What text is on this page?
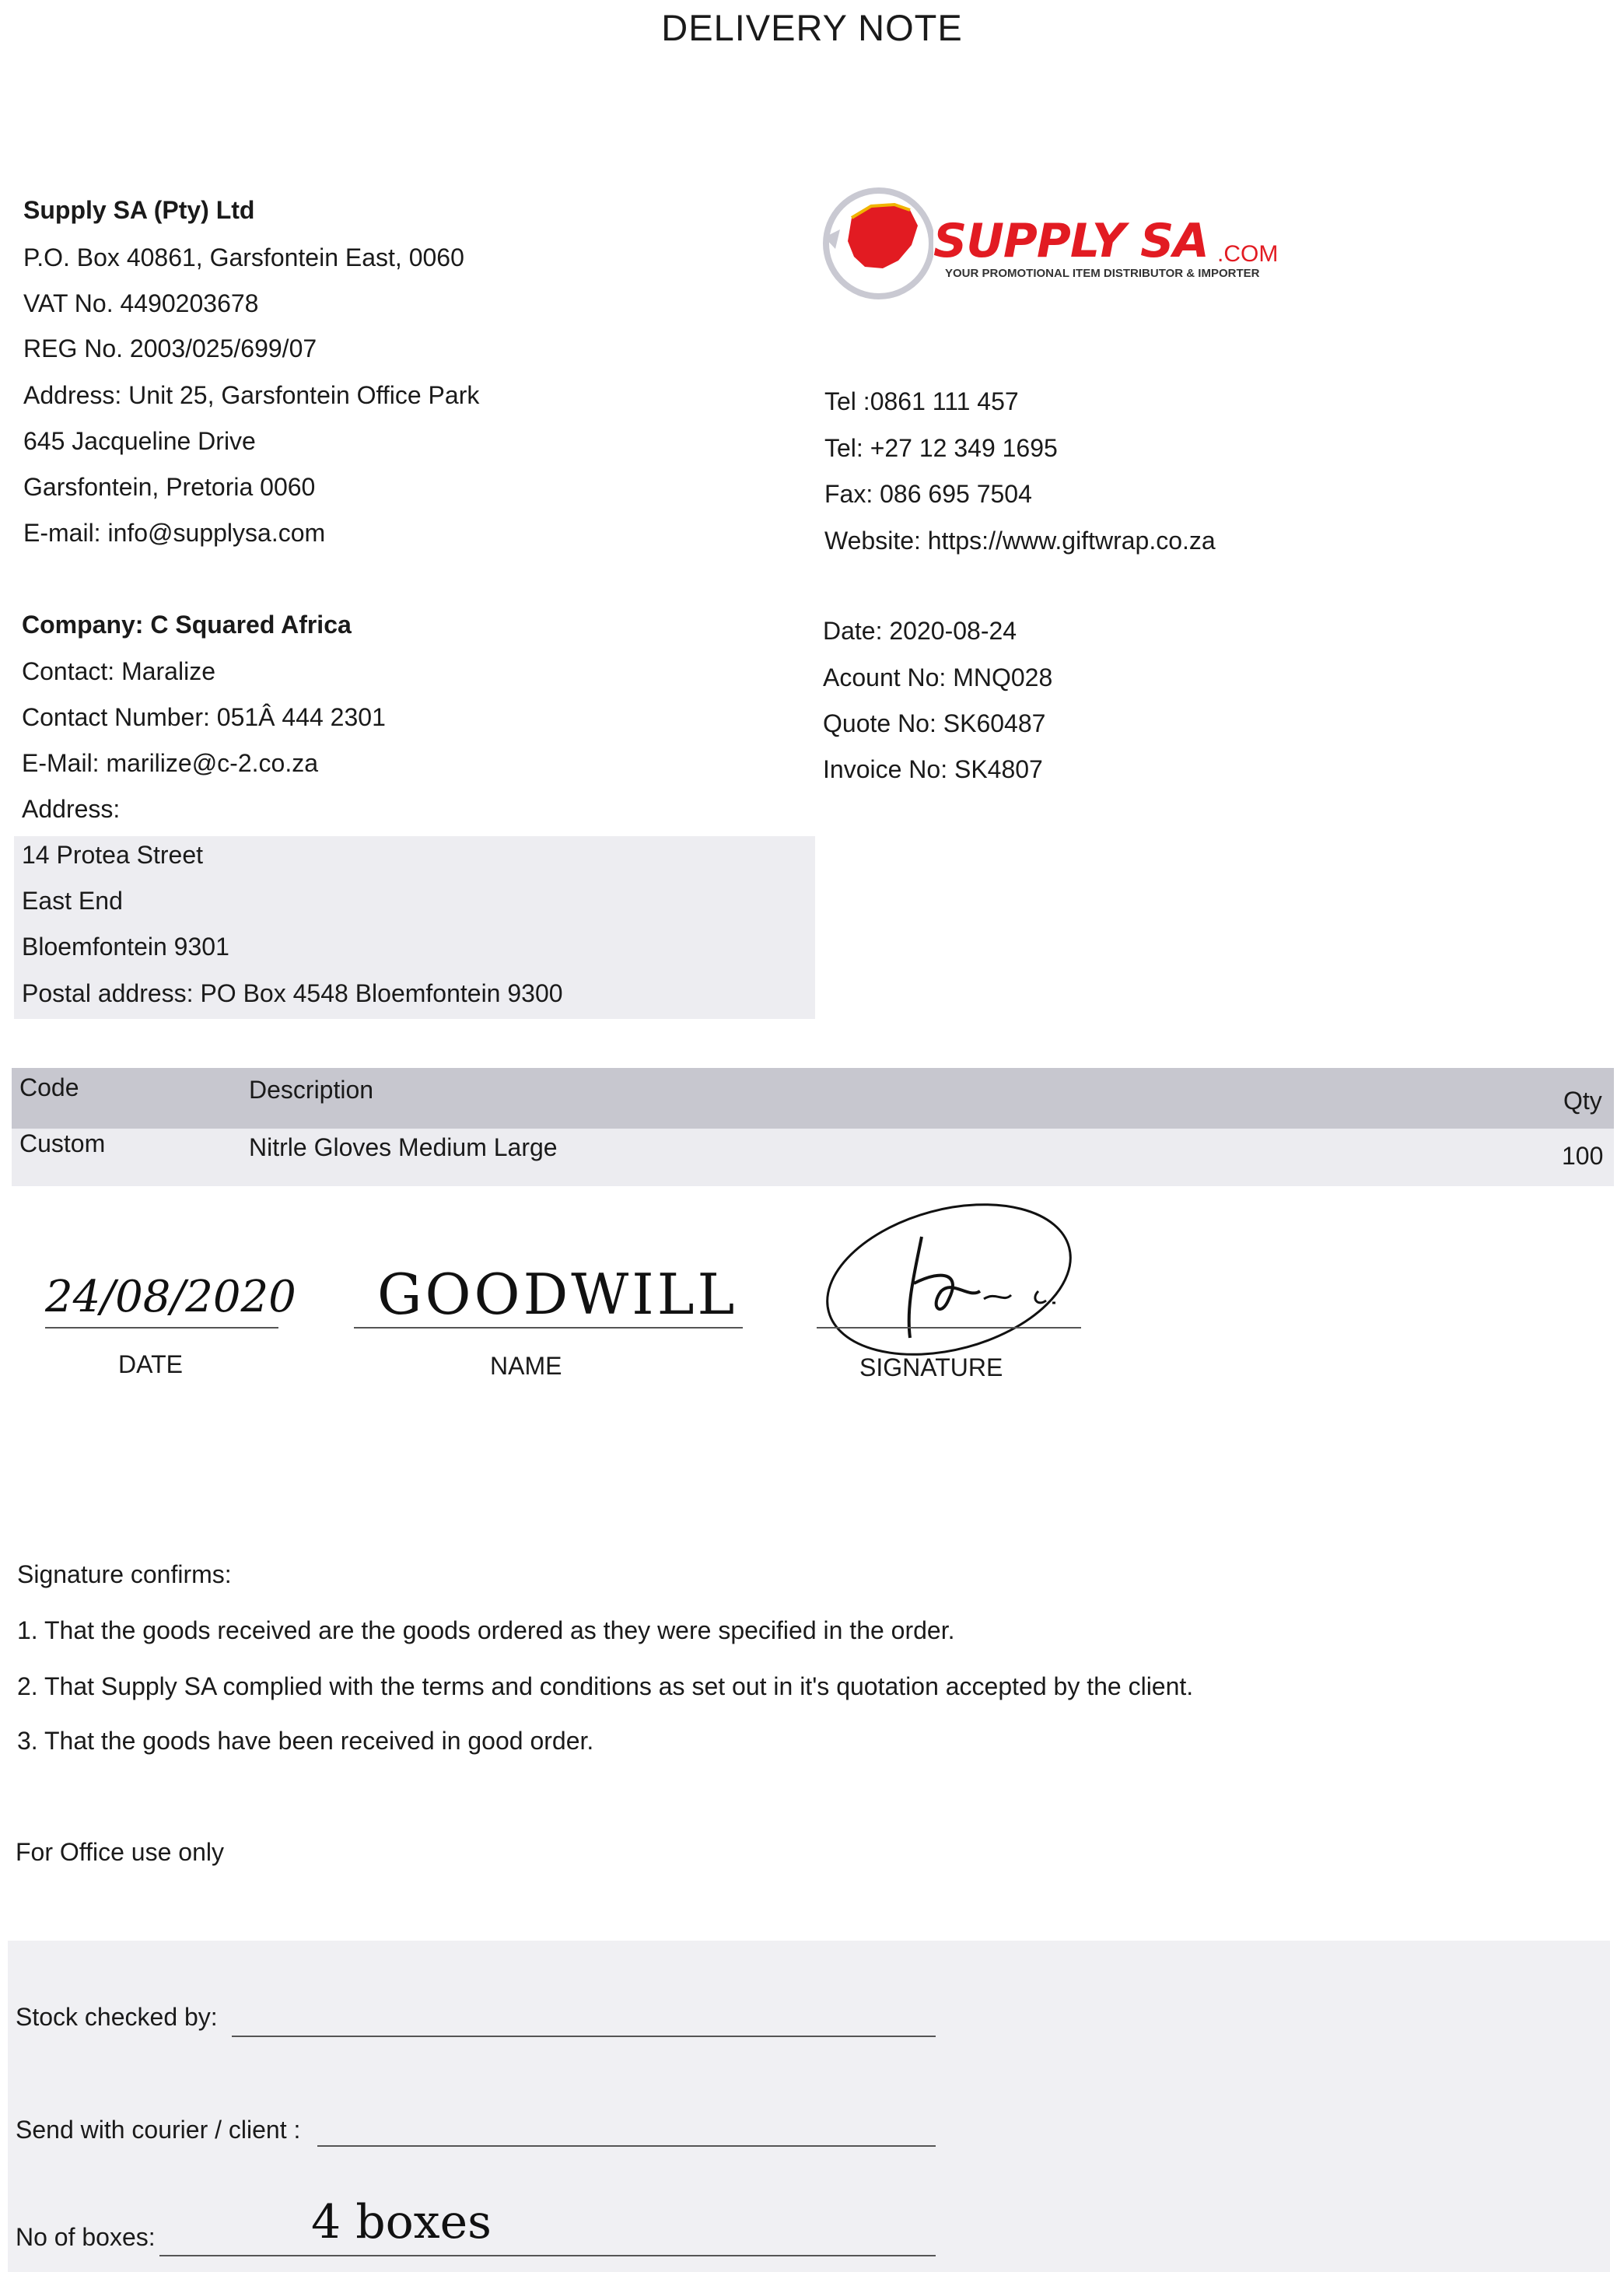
DELIVERY NOTE
Supply SA (Pty) Ltd
P.O. Box 40861, Garsfontein East, 0060
VAT No. 4490203678
REG No. 2003/025/699/07
Address: Unit 25, Garsfontein Office Park
645 Jacqueline Drive
Garsfontein, Pretoria 0060
E-mail: info@supplysa.com
SUPPLY SA .COM
YOUR PROMOTIONAL ITEM DISTRIBUTOR & IMPORTER
Tel :0861 111 457
Tel: +27 12 349 1695
Fax: 086 695 7504
Website: https://www.giftwrap.co.za
Company: C Squared Africa
Contact: Maralize
Contact Number: 051Â 444 2301
E-Mail: marilize@c-2.co.za
Address:
14 Protea Street
East End
Bloemfontein 9301
Postal address: PO Box 4548 Bloemfontein 9300
Date: 2020-08-24
Acount No: MNQ028
Quote No: SK60487
Invoice No: SK4807
Code	Description	Qty
Custom	Nitrle Gloves Medium Large	100
24/08/2020
DATE
GOODWILL
NAME	SIGNATURE
Signature confirms:
1. That the goods received are the goods ordered as they were specified in the order.
2. That Supply SA complied with the terms and conditions as set out in it's quotation accepted by the client.
3. That the goods have been received in good order.
For Office use only
Stock checked by:
Send with courier / client :
No of boxes:	4 boxes
